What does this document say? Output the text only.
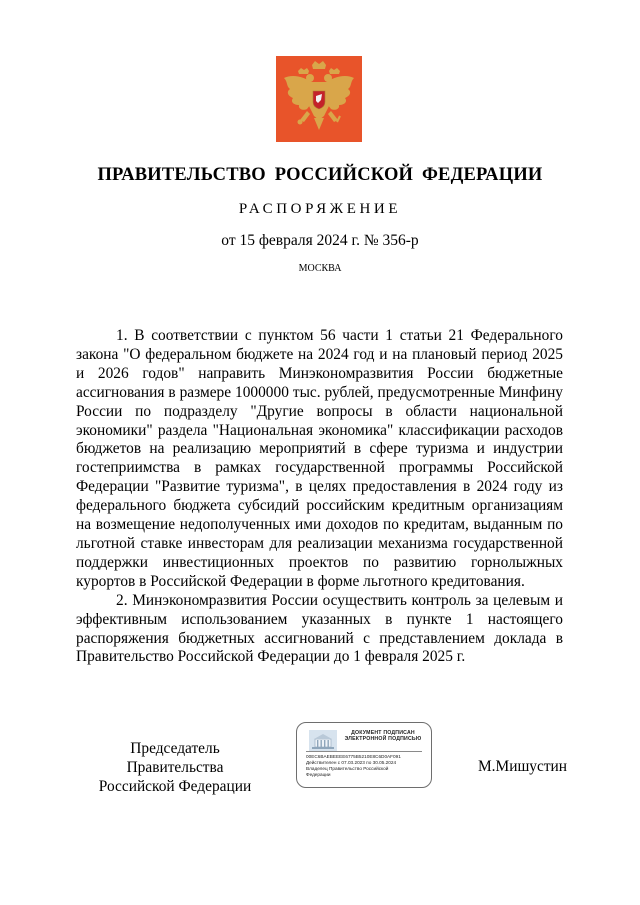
ПРАВИТЕЛЬСТВО РОССИЙСКОЙ ФЕДЕРАЦИИ
РАСПОРЯЖЕНИЕ
от 15 февраля 2024 г. № 356-р
МОСКВА

1. В соответствии с пунктом 56 части 1 статьи 21 Федерального закона "О федеральном бюджете на 2024 год и на плановый период 2025 и 2026 годов" направить Минэкономразвития России бюджетные ассигнования в размере 1000000 тыс. рублей, предусмотренные Минфину России по подразделу "Другие вопросы в области национальной экономики" раздела "Национальная экономика" классификации расходов бюджетов на реализацию мероприятий в сфере туризма и индустрии гостеприимства в рамках государственной программы Российской Федерации "Развитие туризма", в целях предоставления в 2024 году из федерального бюджета субсидий российским кредитным организациям на возмещение недополученных ими доходов по кредитам, выданным по льготной ставке инвесторам для реализации механизма государственной поддержки инвестиционных проектов по развитию горнолыжных курортов в Российской Федерации в форме льготного кредитования.

2. Минэкономразвития России осуществить контроль за целевым и эффективным использованием указанных в пункте 1 настоящего распоряжения бюджетных ассигнований с представлением доклада в Правительство Российской Федерации до 1 февраля 2025 г.

Председатель Правительства
Российской Федерации
ДОКУМЕНТ ПОДПИСАН
ЭЛЕКТРОННОЙ ПОДПИСЬЮ
00EC6BAEBEEEE6775B5210E8C6D0AF091
Действителен с 07.03.2023 по 30.05.2024
Владелец Правительство Российской
Федерации	М.Мишустин
